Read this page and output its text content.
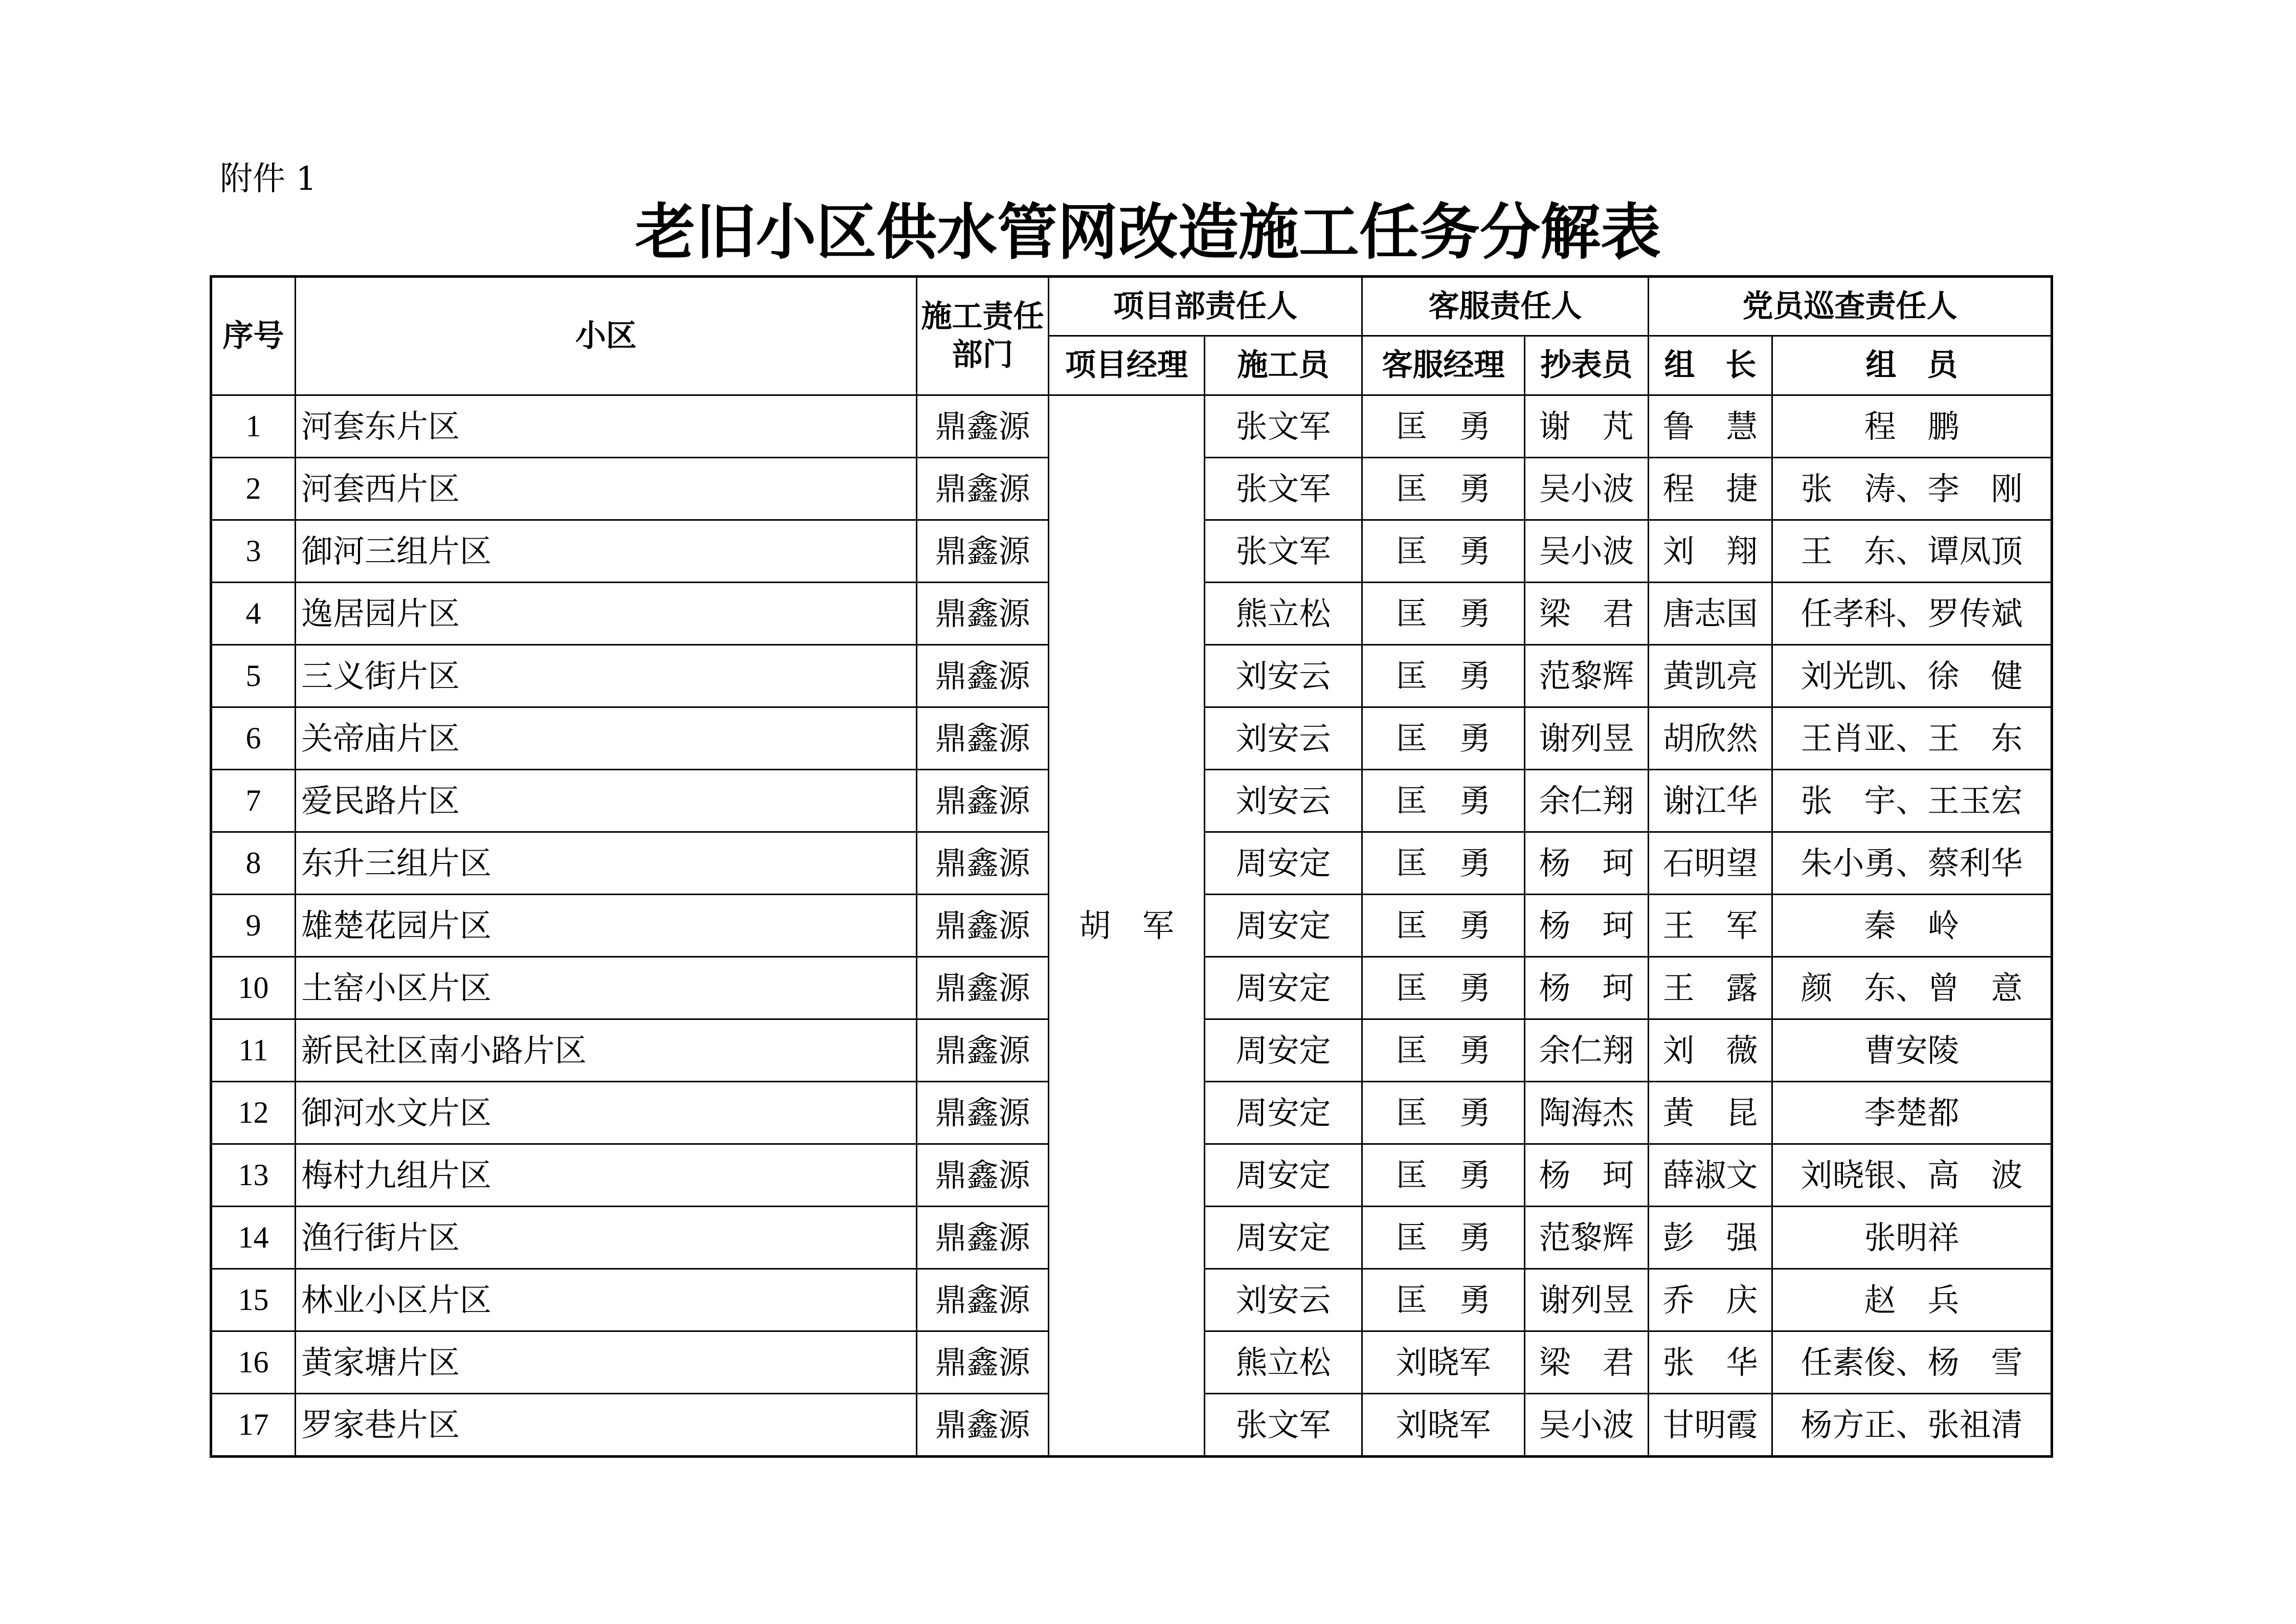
附件 1
老旧小区供水管网改造施工任务分解表
序号	小区	施工责任部门	项目部责任人		客服责任人		党员巡查责任人	
			项目经理	施工员	客服经理	抄表员	组　长	组　员
1	河套东片区	鼎鑫源	胡　军	张文军	匡　勇	谢　芃	鲁　慧	程　鹏
2	河套西片区	鼎鑫源		张文军	匡　勇	吴小波	程　捷	张　涛、李　刚
3	御河三组片区	鼎鑫源		张文军	匡　勇	吴小波	刘　翔	王　东、谭凤顶
4	逸居园片区	鼎鑫源		熊立松	匡　勇	梁　君	唐志国	任孝科、罗传斌
5	三义街片区	鼎鑫源		刘安云	匡　勇	范黎辉	黄凯亮	刘光凯、徐　健
6	关帝庙片区	鼎鑫源		刘安云	匡　勇	谢列昱	胡欣然	王肖亚、王　东
7	爱民路片区	鼎鑫源		刘安云	匡　勇	余仁翔	谢江华	张　宇、王玉宏
8	东升三组片区	鼎鑫源		周安定	匡　勇	杨　珂	石明望	朱小勇、蔡利华
9	雄楚花园片区	鼎鑫源		周安定	匡　勇	杨　珂	王　军	秦　岭
10	土窑小区片区	鼎鑫源		周安定	匡　勇	杨　珂	王　露	颜　东、曾　意
11	新民社区南小路片区	鼎鑫源		周安定	匡　勇	余仁翔	刘　薇	曹安陵
12	御河水文片区	鼎鑫源		周安定	匡　勇	陶海杰	黄　昆	李楚都
13	梅村九组片区	鼎鑫源		周安定	匡　勇	杨　珂	薛淑文	刘晓银、高　波
14	渔行街片区	鼎鑫源		周安定	匡　勇	范黎辉	彭　强	张明祥
15	林业小区片区	鼎鑫源		刘安云	匡　勇	谢列昱	乔　庆	赵　兵
16	黄家塘片区	鼎鑫源		熊立松	刘晓军	梁　君	张　华	任素俊、杨　雪
17	罗家巷片区	鼎鑫源		张文军	刘晓军	吴小波	甘明霞	杨方正、张祖清
